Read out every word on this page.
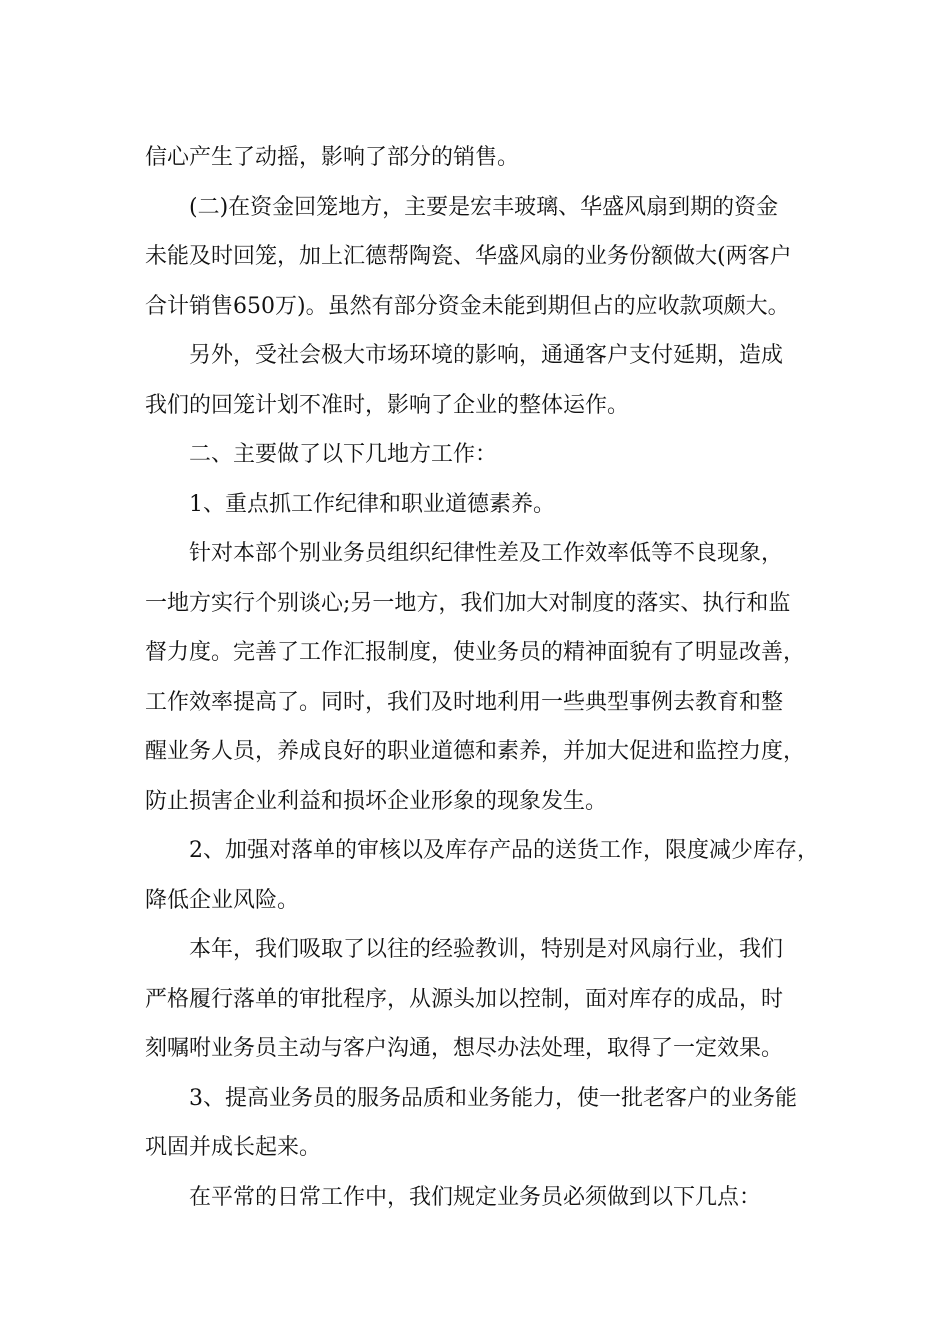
信心产生了动摇，影响了部分的销售。
(二)在资金回笼地方，主要是宏丰玻璃、华盛风扇到期的资金
未能及时回笼，加上汇德帮陶瓷、华盛风扇的业务份额做大(两客户
合计销售650万)。虽然有部分资金未能到期但占的应收款项颇大。
另外，受社会极大市场环境的影响，通通客户支付延期，造成
我们的回笼计划不准时，影响了企业的整体运作。
二、主要做了以下几地方工作：
1、重点抓工作纪律和职业道德素养。
针对本部个别业务员组织纪律性差及工作效率低等不良现象，
一地方实行个别谈心;另一地方，我们加大对制度的落实、执行和监
督力度。完善了工作汇报制度，使业务员的精神面貌有了明显改善，
工作效率提高了。同时，我们及时地利用一些典型事例去教育和整
醒业务人员，养成良好的职业道德和素养，并加大促进和监控力度，
防止损害企业利益和损坏企业形象的现象发生。
2、加强对落单的审核以及库存产品的送货工作，限度减少库存，
降低企业风险。
本年，我们吸取了以往的经验教训，特别是对风扇行业，我们
严格履行落单的审批程序，从源头加以控制，面对库存的成品，时
刻嘱咐业务员主动与客户沟通，想尽办法处理，取得了一定效果。
3、提高业务员的服务品质和业务能力，使一批老客户的业务能
巩固并成长起来。
在平常的日常工作中，我们规定业务员必须做到以下几点：
